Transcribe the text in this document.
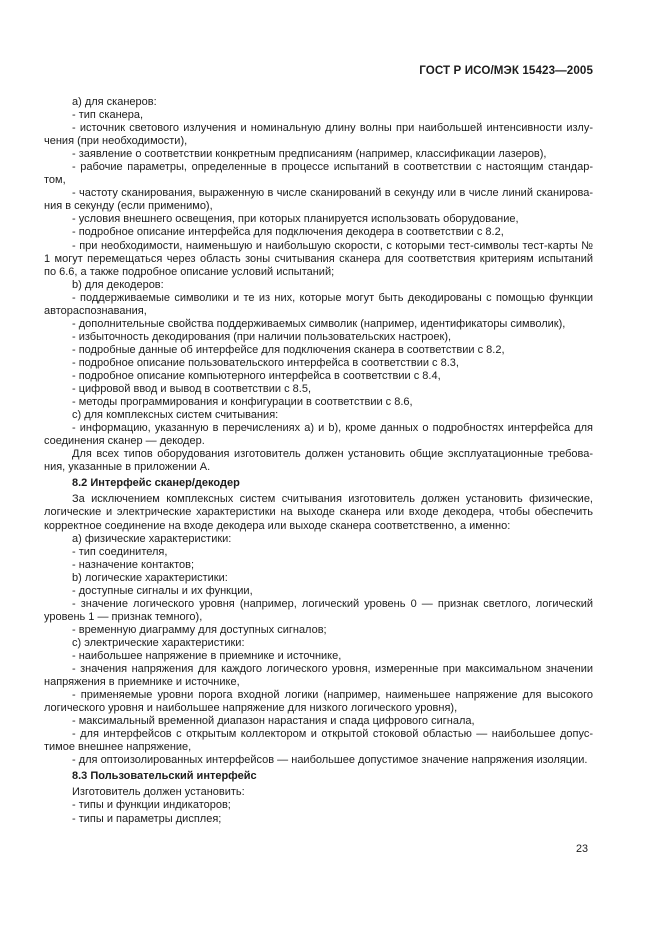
ГОСТ Р ИСО/МЭК 15423—2005

a) для сканеров:

- тип сканера,

- источник светового излучения и номинальную длину волны при наибольшей интенсивности излучения (при необходимости),

- заявление о соответствии конкретным предписаниям (например, классификации лазеров),

- рабочие параметры, определенные в процессе испытаний в соответствии с настоящим стандартом,

- частоту сканирования, выраженную в числе сканирований в секунду или в числе линий сканирования в секунду (если применимо),

- условия внешнего освещения, при которых планируется использовать оборудование,

- подробное описание интерфейса для подключения декодера в соответствии с 8.2,

- при необходимости, наименьшую и наибольшую скорости, с которыми тест-символы тест-карты № 1 могут перемещаться через область зоны считывания сканера для соответствия критериям испытаний по 6.6, а также подробное описание условий испытаний;

b) для декодеров:

- поддерживаемые символики и те из них, которые могут быть декодированы с помощью функции автораспознавания,

- дополнительные свойства поддерживаемых символик (например, идентификаторы символик),

- избыточность декодирования (при наличии пользовательских настроек),

- подробные данные об интерфейсе для подключения сканера в соответствии с 8.2,

- подробное описание пользовательского интерфейса в соответствии с 8.3,

- подробное описание компьютерного интерфейса в соответствии с 8.4,

- цифровой ввод и вывод в соответствии с 8.5,

- методы программирования и конфигурации в соответствии с 8.6,

c) для комплексных систем считывания:

- информацию, указанную в перечислениях a) и b), кроме данных о подробностях интерфейса для соединения сканер — декодер.

Для всех типов оборудования изготовитель должен установить общие эксплуатационные требования, указанные в приложении А.

8.2 Интерфейс сканер/декодер

За исключением комплексных систем считывания изготовитель должен установить физические, логические и электрические характеристики на выходе сканера или входе декодера, чтобы обеспечить корректное соединение на входе декодера или выходе сканера соответственно, а именно:

a) физические характеристики:

- тип соединителя,

- назначение контактов;

b) логические характеристики:

- доступные сигналы и их функции,

- значение логического уровня (например, логический уровень 0 — признак светлого, логический уровень 1 — признак темного),

- временную диаграмму для доступных сигналов;

c) электрические характеристики:

- наибольшее напряжение в приемнике и источнике,

- значения напряжения для каждого логического уровня, измеренные при максимальном значении напряжения в приемнике и источнике,

- применяемые уровни порога входной логики (например, наименьшее напряжение для высокого логического уровня и наибольшее напряжение для низкого логического уровня),

- максимальный временной диапазон нарастания и спада цифрового сигнала,

- для интерфейсов с открытым коллектором и открытой стоковой областью — наибольшее допустимое внешнее напряжение,

- для оптоизолированных интерфейсов — наибольшее допустимое значение напряжения изоляции.

8.3 Пользовательский интерфейс

Изготовитель должен установить:

- типы и функции индикаторов;

- типы и параметры дисплея;

23
